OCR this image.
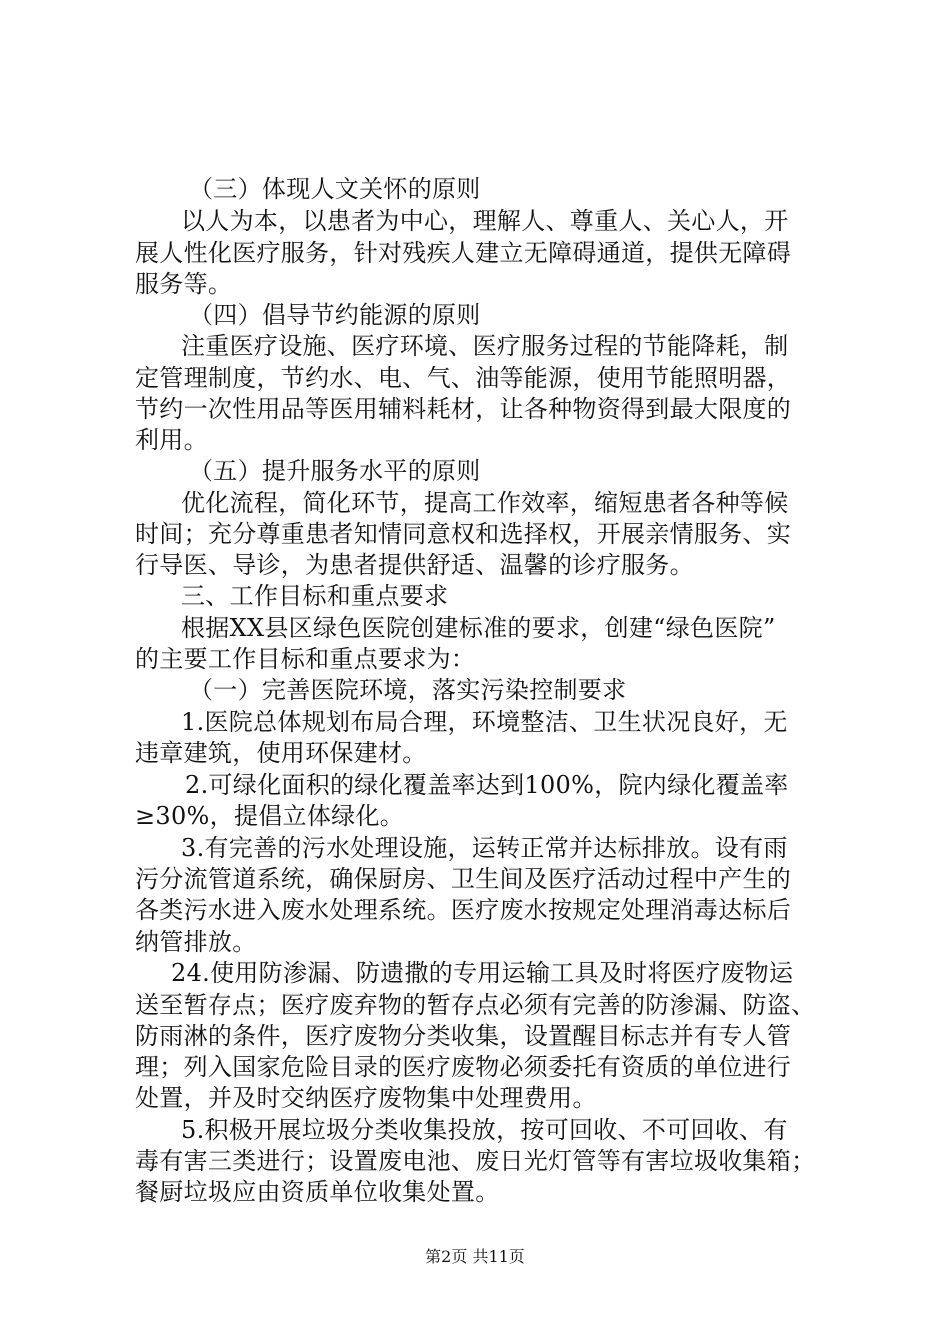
（三）体现人文关怀的原则
以人为本，以患者为中心，理解人、尊重人、关心人，开
展人性化医疗服务，针对残疾人建立无障碍通道，提供无障碍
服务等。
（四）倡导节约能源的原则
注重医疗设施、医疗环境、医疗服务过程的节能降耗，制
定管理制度，节约水、电、气、油等能源，使用节能照明器，
节约一次性用品等医用辅料耗材，让各种物资得到最大限度的
利用。
（五）提升服务水平的原则
优化流程，简化环节，提高工作效率，缩短患者各种等候
时间；充分尊重患者知情同意权和选择权，开展亲情服务、实
行导医、导诊，为患者提供舒适、温馨的诊疗服务。
三、工作目标和重点要求
根据XX县区绿色医院创建标准的要求，创建“绿色医院”
的主要工作目标和重点要求为：
（一）完善医院环境，落实污染控制要求
1.医院总体规划布局合理，环境整洁、卫生状况良好，无
违章建筑，使用环保建材。
2.可绿化面积的绿化覆盖率达到100%，院内绿化覆盖率
≥30%，提倡立体绿化。
3.有完善的污水处理设施，运转正常并达标排放。设有雨
污分流管道系统，确保厨房、卫生间及医疗活动过程中产生的
各类污水进入废水处理系统。医疗废水按规定处理消毒达标后
纳管排放。
24.使用防渗漏、防遗撒的专用运输工具及时将医疗废物运
送至暂存点；医疗废弃物的暂存点必须有完善的防渗漏、防盗、
防雨淋的条件，医疗废物分类收集，设置醒目标志并有专人管
理；列入国家危险目录的医疗废物必须委托有资质的单位进行
处置，并及时交纳医疗废物集中处理费用。
5.积极开展垃圾分类收集投放，按可回收、不可回收、有
毒有害三类进行；设置废电池、废日光灯管等有害垃圾收集箱；
餐厨垃圾应由资质单位收集处置。
第2页 共11页
